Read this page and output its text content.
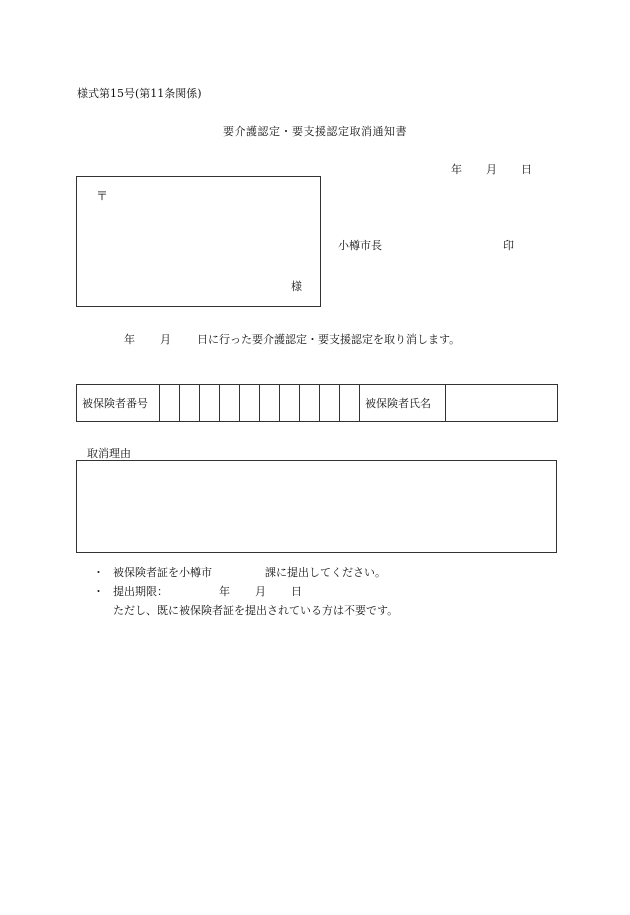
様式第15号(第11条関係)
要介護認定・要支援認定取消通知書
年 月 日
〒
様
小樽市長	印
年 月 日に行った要介護認定・要支援認定を取り消します。
被保険者番号											被保険者氏名	
取消理由
・ 被保険者証を小樽市	課に提出してください。
・ 提出期限：	年 月 日
ただし、既に被保険者証を提出されている方は不要です。
